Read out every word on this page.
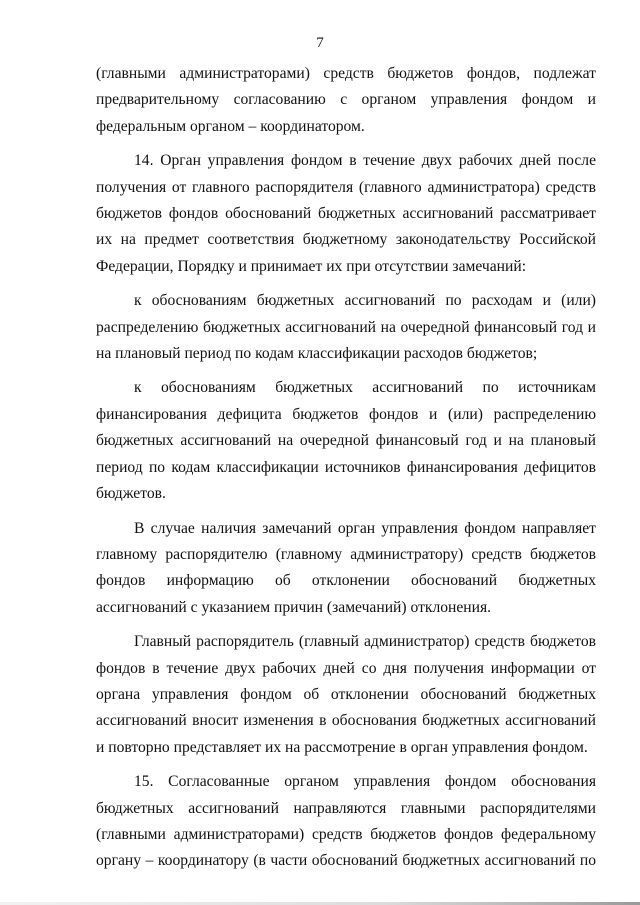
7

(главными администраторами) средств бюджетов фондов, подлежат предварительному согласованию с органом управления фондом и федеральным органом – координатором.

14. Орган управления фондом в течение двух рабочих дней после получения от главного распорядителя (главного администратора) средств бюджетов фондов обоснований бюджетных ассигнований рассматривает их на предмет соответствия бюджетному законодательству Российской Федерации, Порядку и принимает их при отсутствии замечаний:

к обоснованиям бюджетных ассигнований по расходам и (или) распределению бюджетных ассигнований на очередной финансовый год и на плановый период по кодам классификации расходов бюджетов;

к обоснованиям бюджетных ассигнований по источникам финансирования дефицита бюджетов фондов и (или) распределению бюджетных ассигнований на очередной финансовый год и на плановый период по кодам классификации источников финансирования дефицитов бюджетов.

В случае наличия замечаний орган управления фондом направляет главному распорядителю (главному администратору) средств бюджетов фондов информацию об отклонении обоснований бюджетных ассигнований с указанием причин (замечаний) отклонения.

Главный распорядитель (главный администратор) средств бюджетов фондов в течение двух рабочих дней со дня получения информации от органа управления фондом об отклонении обоснований бюджетных ассигнований вносит изменения в обоснования бюджетных ассигнований и повторно представляет их на рассмотрение в орган управления фондом.

15. Согласованные органом управления фондом обоснования бюджетных ассигнований направляются главными распорядителями (главными администраторами) средств бюджетов фондов федеральному органу – координатору (в части обоснований бюджетных ассигнований по
